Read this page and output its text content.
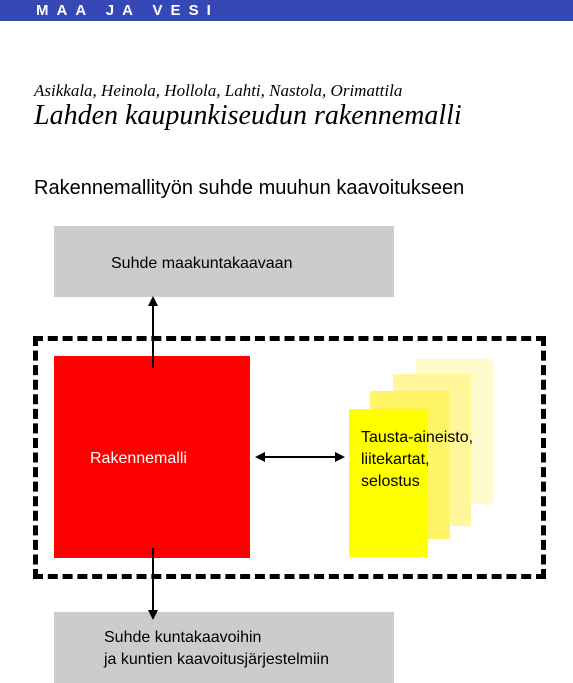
MAA JA VESI
Asikkala, Heinola, Hollola, Lahti, Nastola, Orimattila
Lahden kaupunkiseudun rakennemalli
Rakennemallityön suhde muuhun kaavoitukseen
Suhde maakuntakaavaan
Rakennemalli
Tausta-aineisto,
liitekartat,
selostus
Suhde kuntakaavoihin
ja kuntien kaavoitusjärjestelmiin
